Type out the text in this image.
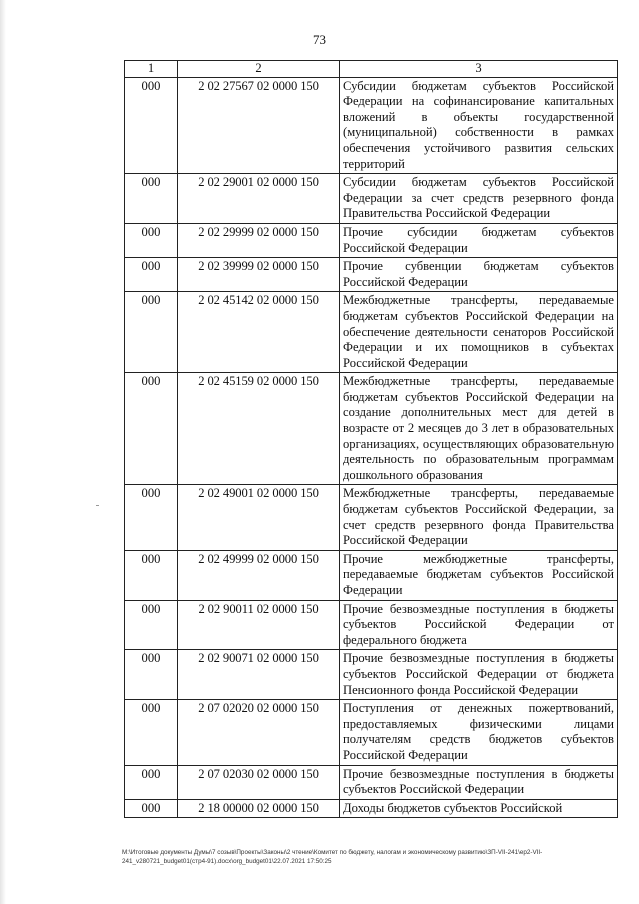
73
1	2	3
000	2 02 27567 02 0000 150	Субсидии бюджетам субъектов Российской Федерации на софинансирование капитальных вложений в объекты государственной (муниципальной) собственности в рамках обеспечения устойчивого развития сельских территорий
000	2 02 29001 02 0000 150	Субсидии бюджетам субъектов Российской Федерации за счет средств резервного фонда Правительства Российской Федерации
000	2 02 29999 02 0000 150	Прочие субсидии бюджетам субъектов Российской Федерации
000	2 02 39999 02 0000 150	Прочие субвенции бюджетам субъектов Российской Федерации
000	2 02 45142 02 0000 150	Межбюджетные трансферты, передаваемые бюджетам субъектов Российской Федерации на обеспечение деятельности сенаторов Российской Федерации и их помощников в субъектах Российской Федерации
000	2 02 45159 02 0000 150	Межбюджетные трансферты, передаваемые бюджетам субъектов Российской Федерации на создание дополнительных мест для детей в возрасте от 2 месяцев до 3 лет в образовательных организациях, осуществляющих образовательную деятельность по образовательным программам дошкольного образования
000	2 02 49001 02 0000 150	Межбюджетные трансферты, передаваемые бюджетам субъектов Российской Федерации, за счет средств резервного фонда Правительства Российской Федерации
000	2 02 49999 02 0000 150	Прочие межбюджетные трансферты, передаваемые бюджетам субъектов Российской Федерации
000	2 02 90011 02 0000 150	Прочие безвозмездные поступления в бюджеты субъектов Российской Федерации от федерального бюджета
000	2 02 90071 02 0000 150	Прочие безвозмездные поступления в бюджеты субъектов Российской Федерации от бюджета Пенсионного фонда Российской Федерации
000	2 07 02020 02 0000 150	Поступления от денежных пожертвований, предоставляемых физическими лицами получателям средств бюджетов субъектов Российской Федерации
000	2 07 02030 02 0000 150	Прочие безвозмездные поступления в бюджеты субъектов Российской Федерации
000	2 18 00000 02 0000 150	Доходы бюджетов субъектов Российской
M:\Итоговые документы Думы\7 созыв\Проекты\Законы\2 чтение\Комитет по бюджету, налогам и экономическому развитию\ЗП-VII-241\ер2-VII-
241_v280721_budget01(стр4-91).docx\org_budget01\22.07.2021 17:50:25
